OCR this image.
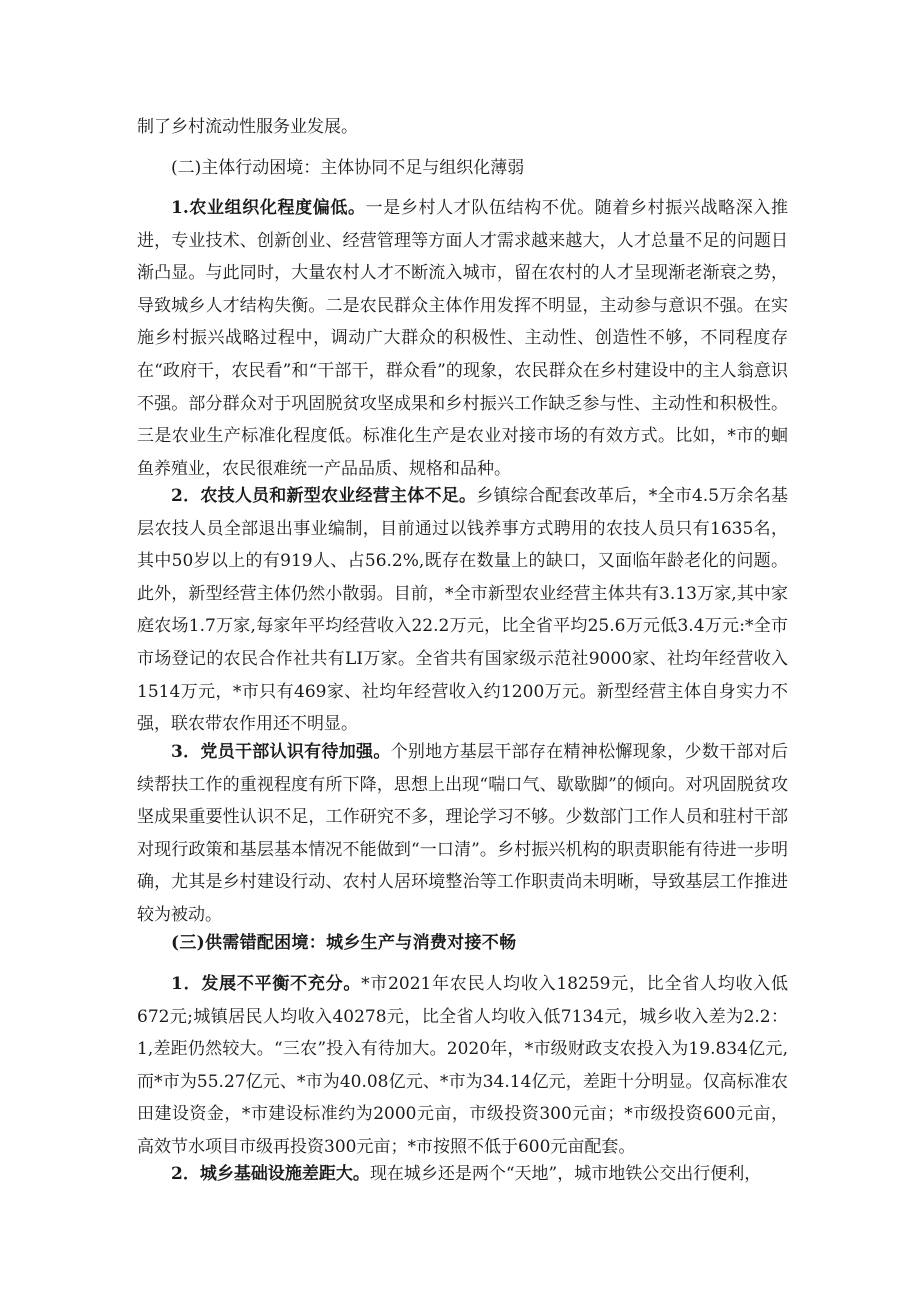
制了乡村流动性服务业发展。

(二)主体行动困境：主体协同不足与组织化薄弱

1.农业组织化程度偏低。一是乡村人才队伍结构不优。随着乡村振兴战略深入推进，专业技术、创新创业、经营管理等方面人才需求越来越大，人才总量不足的问题日渐凸显。与此同时，大量农村人才不断流入城市，留在农村的人才呈现渐老渐衰之势，导致城乡人才结构失衡。二是农民群众主体作用发挥不明显，主动参与意识不强。在实施乡村振兴战略过程中，调动广大群众的积极性、主动性、创造性不够，不同程度存在“政府干，农民看”和“干部干，群众看”的现象，农民群众在乡村建设中的主人翁意识不强。部分群众对于巩固脱贫攻坚成果和乡村振兴工作缺乏参与性、主动性和积极性。三是农业生产标准化程度低。标准化生产是农业对接市场的有效方式。比如，*市的蛔鱼养殖业，农民很难统一产品品质、规格和品种。

2．农技人员和新型农业经营主体不足。乡镇综合配套改革后，*全市4.5万余名基层农技人员全部退出事业编制，目前通过以钱养事方式聘用的农技人员只有1635名，其中50岁以上的有919人、占56.2%,既存在数量上的缺口，又面临年龄老化的问题。此外，新型经营主体仍然小散弱。目前，*全市新型农业经营主体共有3.13万家,其中家庭农场1.7万家,每家年平均经营收入22.2万元，比全省平均25.6万元低3.4万元:*全市市场登记的农民合作社共有LI万家。全省共有国家级示范社9000家、社均年经营收入1514万元，*市只有469家、社均年经营收入约1200万元。新型经营主体自身实力不强，联农带农作用还不明显。

3．党员干部认识有待加强。个别地方基层干部存在精神松懈现象，少数干部对后续帮扶工作的重视程度有所下降，思想上出现“喘口气、歇歇脚”的倾向。对巩固脱贫攻坚成果重要性认识不足，工作研究不多，理论学习不够。少数部门工作人员和驻村干部对现行政策和基层基本情况不能做到“一口清”。乡村振兴机构的职责职能有待进一步明确，尤其是乡村建设行动、农村人居环境整治等工作职责尚未明晰，导致基层工作推进较为被动。

(三)供需错配困境：城乡生产与消费对接不畅

1．发展不平衡不充分。*市2021年农民人均收入18259元，比全省人均收入低672元;城镇居民人均收入40278元，比全省人均收入低7134元，城乡收入差为2.2：1,差距仍然较大。“三农”投入有待加大。2020年，*市级财政支农投入为19.834亿元,而*市为55.27亿元、*市为40.08亿元、*市为34.14亿元，差距十分明显。仅高标准农田建设资金，*市建设标准约为2000元亩，市级投资300元亩；*市级投资600元亩，高效节水项目市级再投资300元亩；*市按照不低于600元亩配套。

2．城乡基础设施差距大。现在城乡还是两个“天地”，城市地铁公交出行便利，
